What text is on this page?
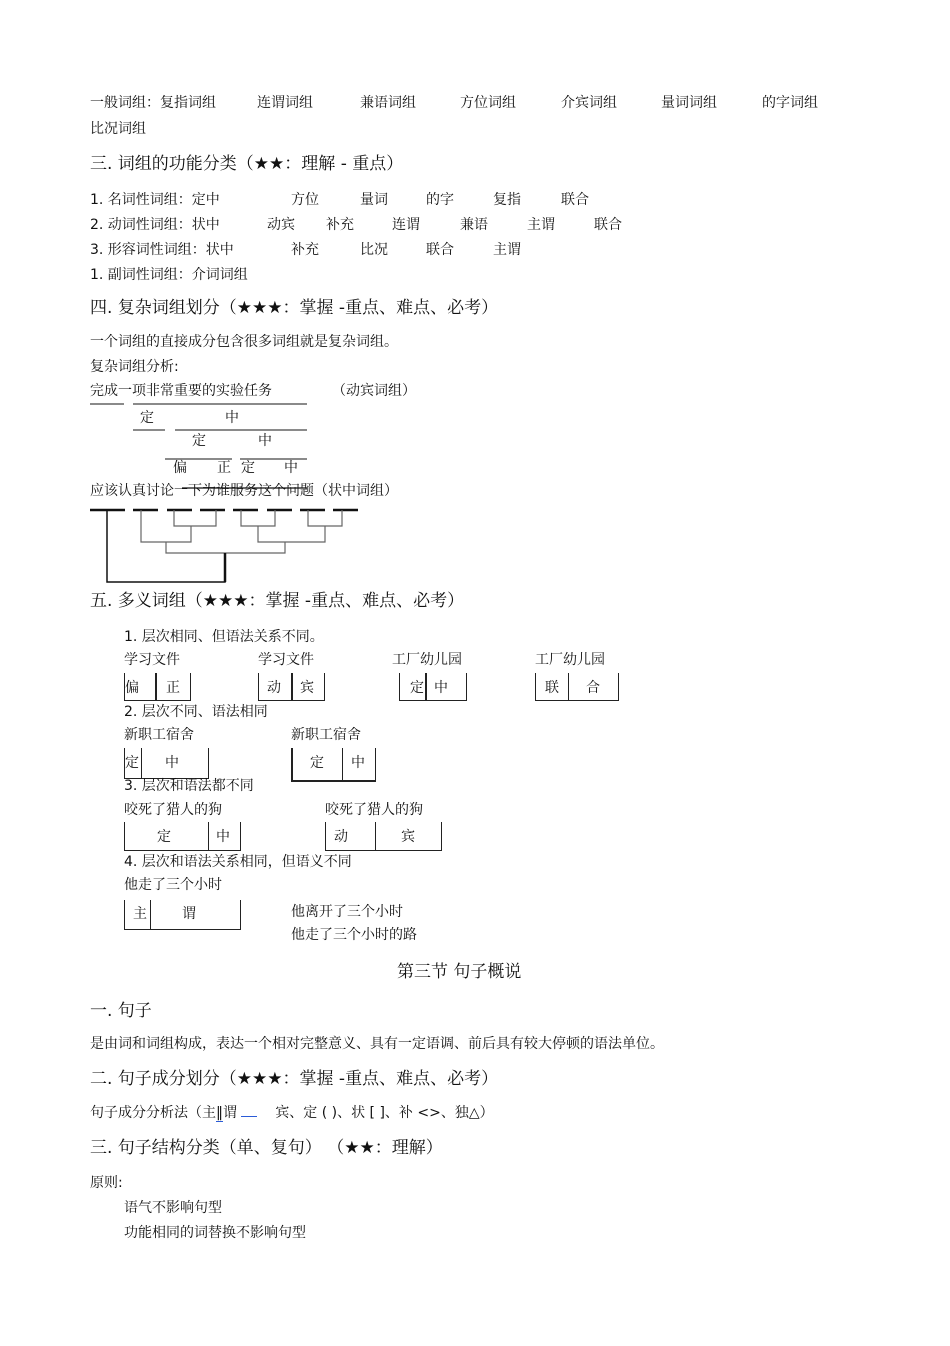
一般词组：复指词组	连谓词组	兼语词组	方位词组	介宾词组	量词词组	的字词组
比况词组
三. 词组的功能分类（★★：理解 - 重点）
1. 名词性词组：定中	方位	量词	的字	复指	联合
2. 动词性词组：状中	动宾 补充	连谓	兼语	主谓	联合
3. 形容词性词组：状中	补充	比况	联合	主谓
1. 副词性词组：介词词组
四. 复杂词组划分（★★★：掌握 -重点、难点、必考）
一个词组的直接成分包含很多词组就是复杂词组。
复杂词组分析:
完成一项非常重要的实验任务	（动宾词组）
定	中
定	中
偏 正 定 中
应该认真讨论一下为谁服务这个问题（状中词组）
五. 多义词组（★★★：掌握 -重点、难点、必考）
1. 层次相同、但语法关系不同。
学习文件	学习文件	工厂幼儿园	工厂幼儿园
偏 正	动 宾	定 中	联 合
2. 层次不同、语法相同
新职工宿舍	新职工宿舍
定 中	定 中
3. 层次和语法都不同
咬死了猎人的狗	咬死了猎人的狗
定	中	动	宾
4. 层次和语法关系相同，但语义不同
他走了三个小时
主	谓	他离开了三个小时
他走了三个小时的路
第三节 句子概说
一. 句子
是由词和词组构成，表达一个相对完整意义、具有一定语调、前后具有较大停顿的语法单位。
二. 句子成分划分（★★★：掌握 -重点、难点、必考）
句子成分分析法（主‖谓	宾、定 ( )、状 [ ]、补 <>、独△）
三. 句子结构分类（单、复句） （★★：理解）
原则:
语气不影响句型
功能相同的词替换不影响句型
